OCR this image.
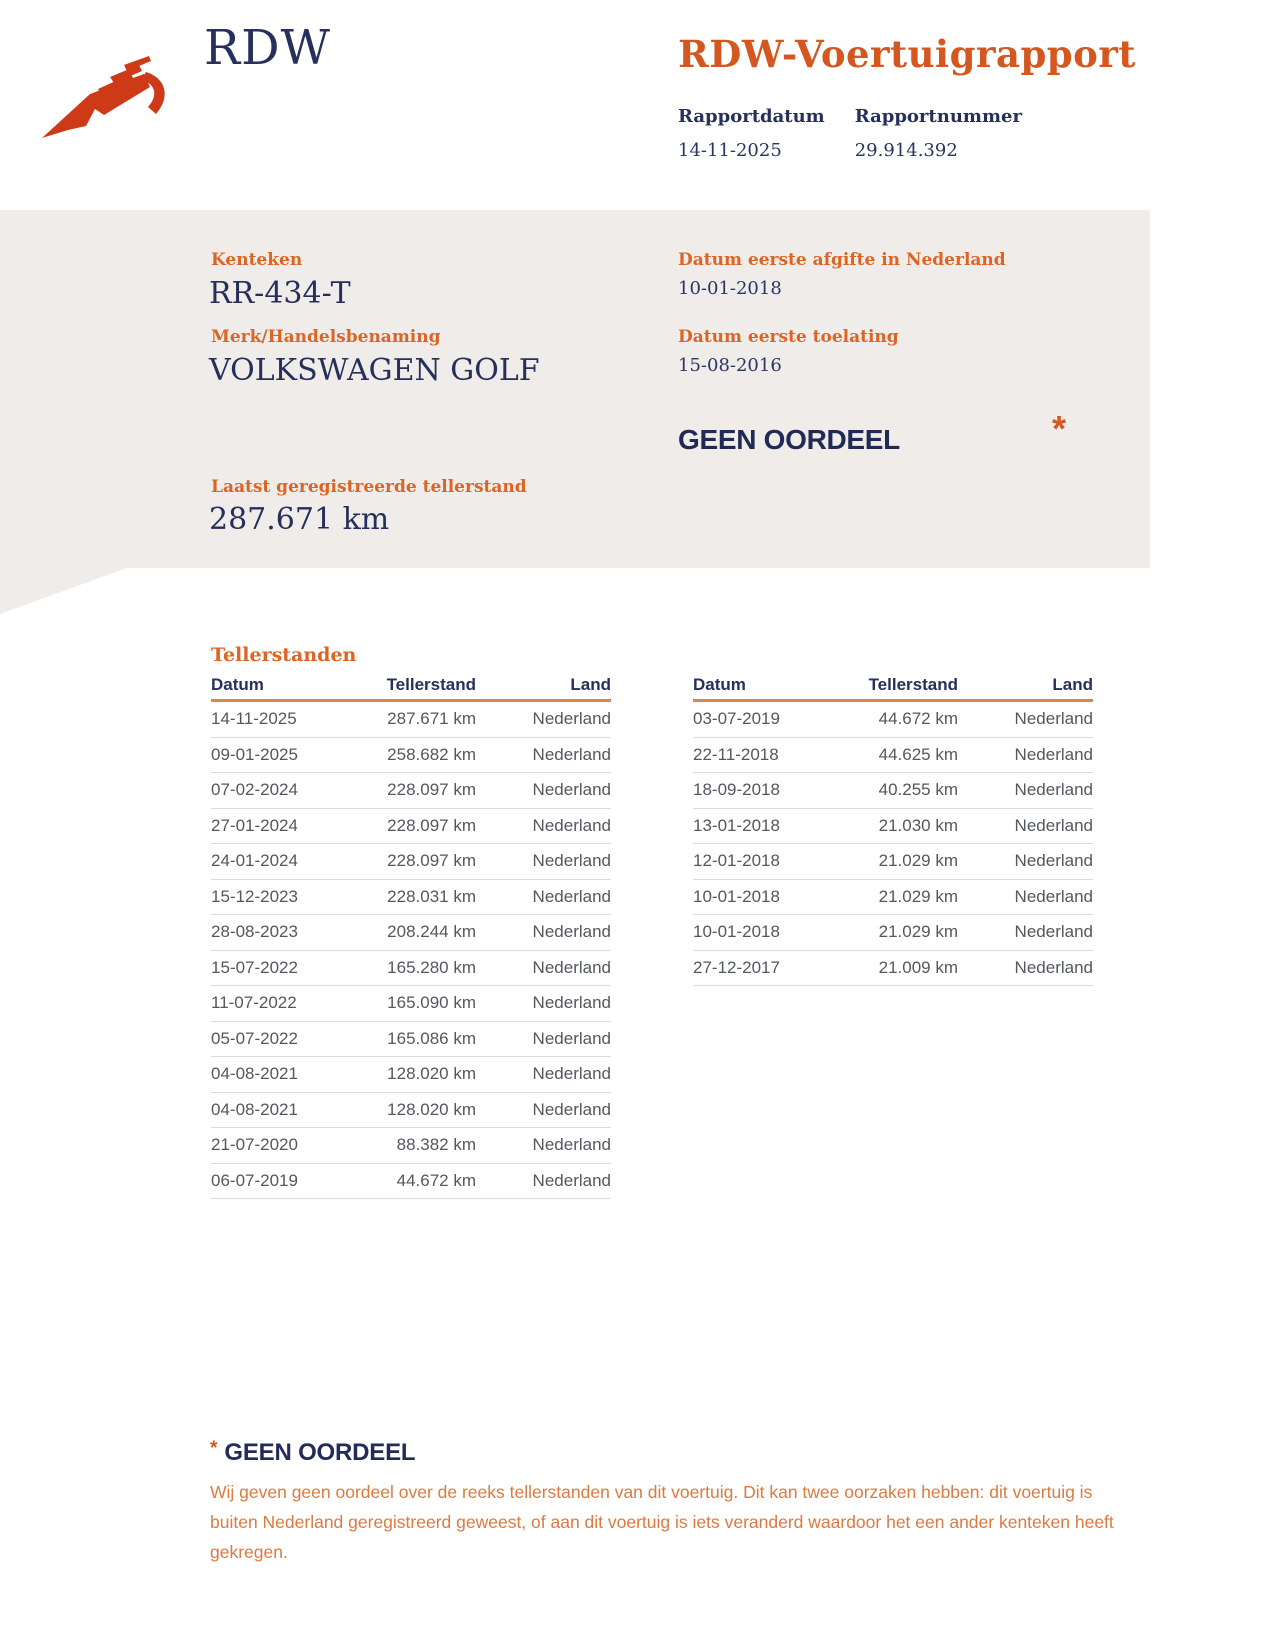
RDW	RDW-Voertuigrapport
Rapportdatum
14-11-2025
Rapportnummer
29.914.392
Kenteken
RR-434-T
Merk/Handelsbenaming
VOLKSWAGEN GOLF
Datum eerste afgifte in Nederland
10-01-2018
Datum eerste toelating
15-08-2016
GEEN OORDEEL	*
Laatst geregistreerde tellerstand
287.671 km
Tellerstanden
Datum	Tellerstand	Land
14-11-2025	287.671 km	Nederland
09-01-2025	258.682 km	Nederland
07-02-2024	228.097 km	Nederland
27-01-2024	228.097 km	Nederland
24-01-2024	228.097 km	Nederland
15-12-2023	228.031 km	Nederland
28-08-2023	208.244 km	Nederland
15-07-2022	165.280 km	Nederland
11-07-2022	165.090 km	Nederland
05-07-2022	165.086 km	Nederland
04-08-2021	128.020 km	Nederland
04-08-2021	128.020 km	Nederland
21-07-2020	88.382 km	Nederland
06-07-2019	44.672 km	Nederland
Datum	Tellerstand	Land
03-07-2019	44.672 km	Nederland
22-11-2018	44.625 km	Nederland
18-09-2018	40.255 km	Nederland
13-01-2018	21.030 km	Nederland
12-01-2018	21.029 km	Nederland
10-01-2018	21.029 km	Nederland
10-01-2018	21.029 km	Nederland
27-12-2017	21.009 km	Nederland
* GEEN OORDEEL

Wij geven geen oordeel over de reeks tellerstanden van dit voertuig. Dit kan twee oorzaken hebben: dit voertuig is buiten Nederland geregistreerd geweest, of aan dit voertuig is iets veranderd waardoor het een ander kenteken heeft gekregen.
